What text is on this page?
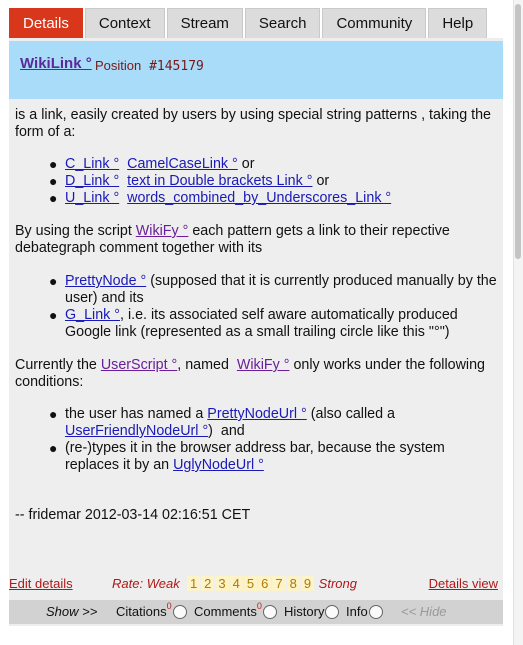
Details	Context	Stream	Search	Community	Help
WikiLink ° Position #145179

is a link, easily created by users by using special string patterns , taking the form of a:

● C_Link ° CamelCaseLink ° or
● D_Link ° text in Double brackets Link ° or
● U_Link ° words_combined_by_Underscores_Link °

By using the script WikiFy ° each pattern gets a link to their repective debategraph comment together with its

● PrettyNode ° (supposed that it is currently produced manually by the user) and its
● G_Link °, i.e. its associated self aware automatically produced Google link (represented as a small trailing circle like this "°")

Currently the UserScript °, named WikiFy ° only works under the following conditions:

● the user has named a PrettyNodeUrl ° (also called a UserFriendlyNodeUrl °)  and
● (re-)types it in the browser address bar, because the system replaces it by an UglyNodeUrl °

-- fridemar 2012-03-14 02:16:51 CET

Edit details	Rate: Weak 1 2 3 4 5 6 7 8 9 Strong	Details view
Show >> Citations$^0$	Comments$^0$	History	Info	<< Hide
